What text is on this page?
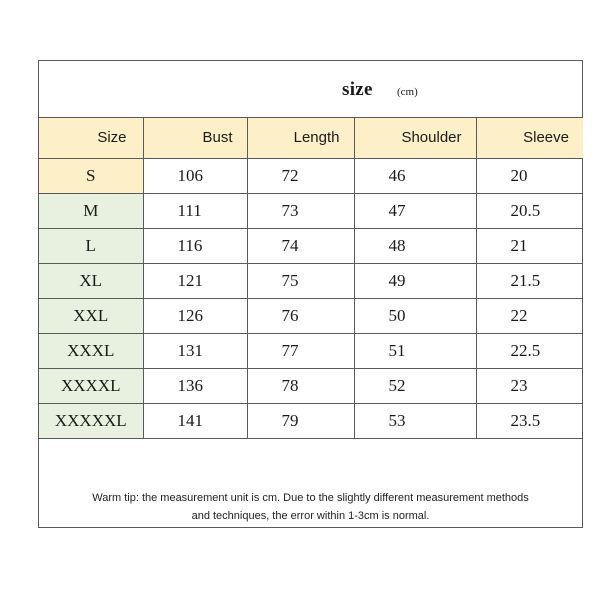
size (cm)
Size	Bust	Length	Shoulder	Sleeve
S	106	72	46	20
M	111	73	47	20.5
L	116	74	48	21
XL	121	75	49	21.5
XXL	126	76	50	22
XXXL	131	77	51	22.5
XXXXL	136	78	52	23
XXXXXL	141	79	53	23.5
Warm tip: the measurement unit is cm. Due to the slightly different measurement methods
and techniques, the error within 1-3cm is normal.
